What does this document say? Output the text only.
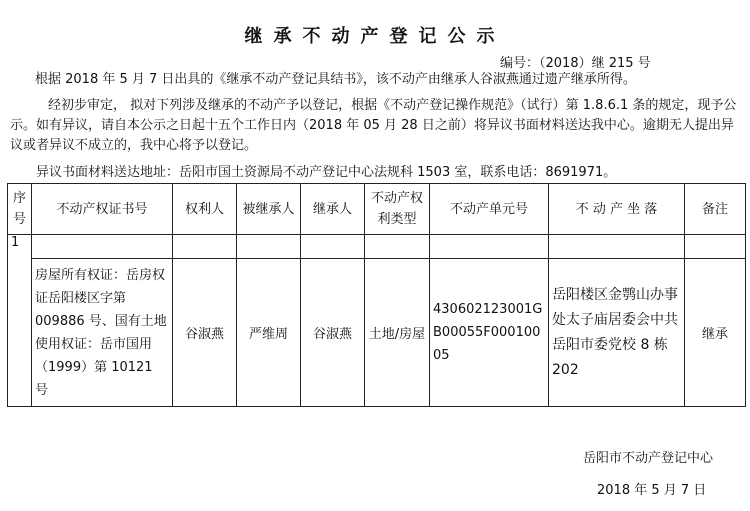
继承不动产登记公示
编号：（2018）继 215 号
根据 2018 年 5 月 7 日出具的《继承不动产登记具结书》，该不动产由继承人谷淑燕通过遗产继承所得。
经初步审定， 拟对下列涉及继承的不动产予以登记，根据《不动产登记操作规范》（试行）第 1.8.6.1 条的规定，现予公示。如有异议，请自本公示之日起十五个工作日内（2018 年 05 月 28 日之前）将异议书面材料送达我中心。逾期无人提出异议或者异议不成立的，我中心将予以登记。
异议书面材料送达地址：岳阳市国土资源局不动产登记中心法规科 1503 室，联系电话：8691971。
序号	不动产权证书号	权利人	被继承人	继承人	不动产权利类型	不动产单元号	不 动 产 坐 落	备注
1								
	房屋所有权证：岳房权证岳阳楼区字第 009886 号、国有土地使用权证：岳市国用（1999）第 10121 号	谷淑燕	严维周	谷淑燕	土地/房屋	430602123001GB00055F00010005	岳阳楼区金鹗山办事处太子庙居委会中共岳阳市委党校 8 栋 202	继承
岳阳市不动产登记中心
2018 年 5 月 7 日
